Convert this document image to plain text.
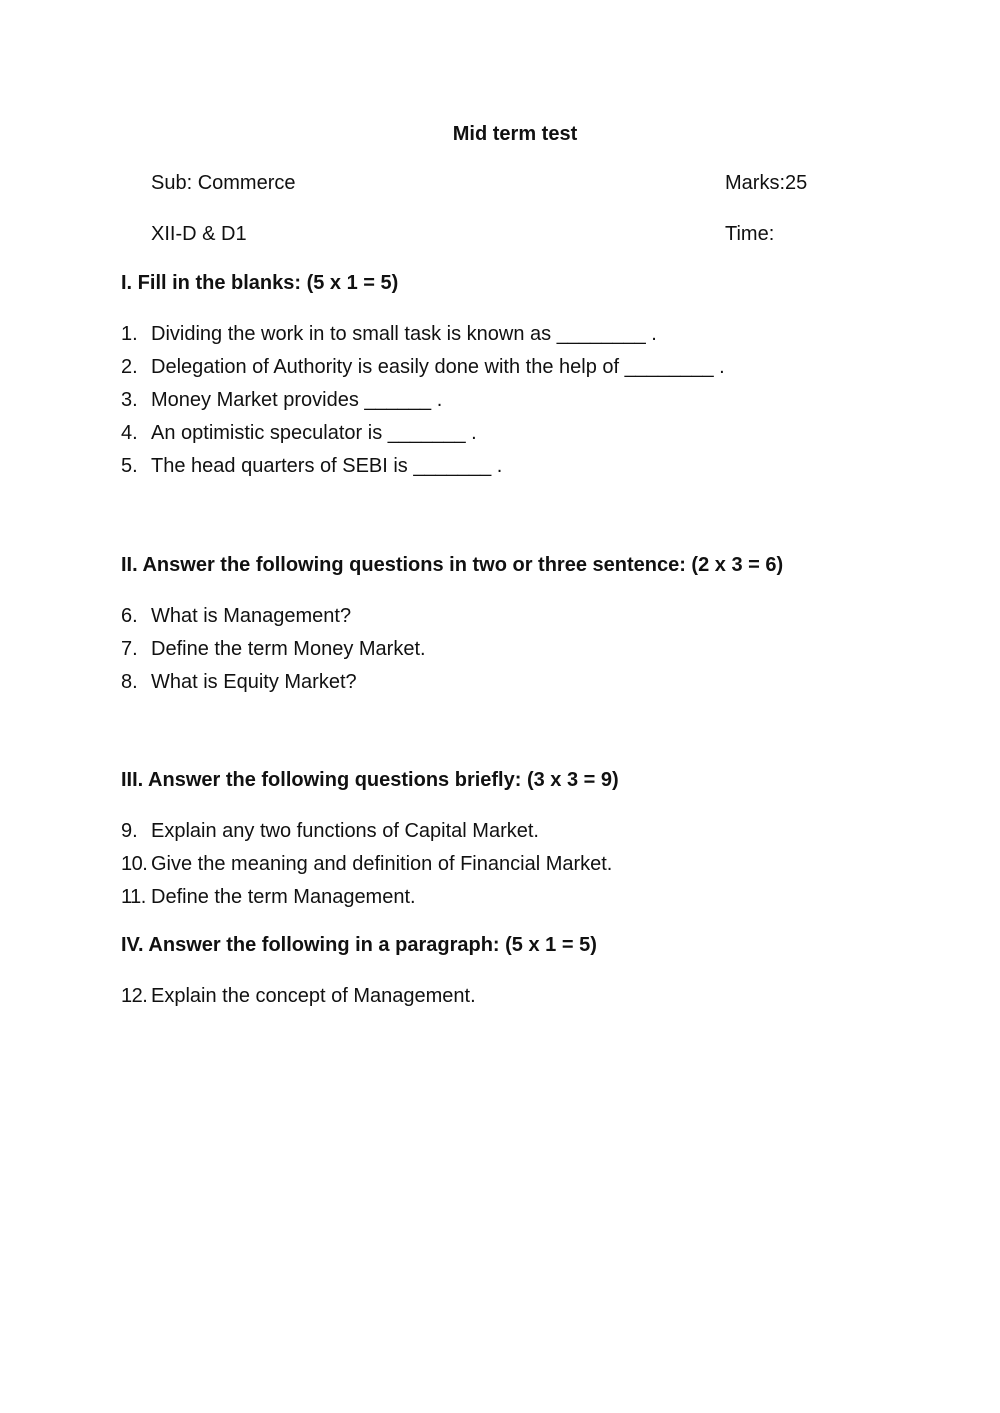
Mid term test
Sub: Commerce	Marks:25
XII-D & D1	Time:
I. Fill in the blanks: (5 x 1 = 5)
1. Dividing the work in to small task is known as ________ .
2. Delegation of Authority is easily done with the help of ________ .
3. Money Market provides ______ .
4. An optimistic speculator is _______ .
5. The head quarters of SEBI is _______ .
II. Answer the following questions in two or three sentence: (2 x 3 = 6)
6. What is Management?
7. Define the term Money Market.
8. What is Equity Market?
III. Answer the following questions briefly: (3 x 3 = 9)
9. Explain any two functions of Capital Market.
10. Give the meaning and definition of Financial Market.
11. Define the term Management.
IV. Answer the following in a paragraph: (5 x 1 = 5)
12. Explain the concept of Management.
